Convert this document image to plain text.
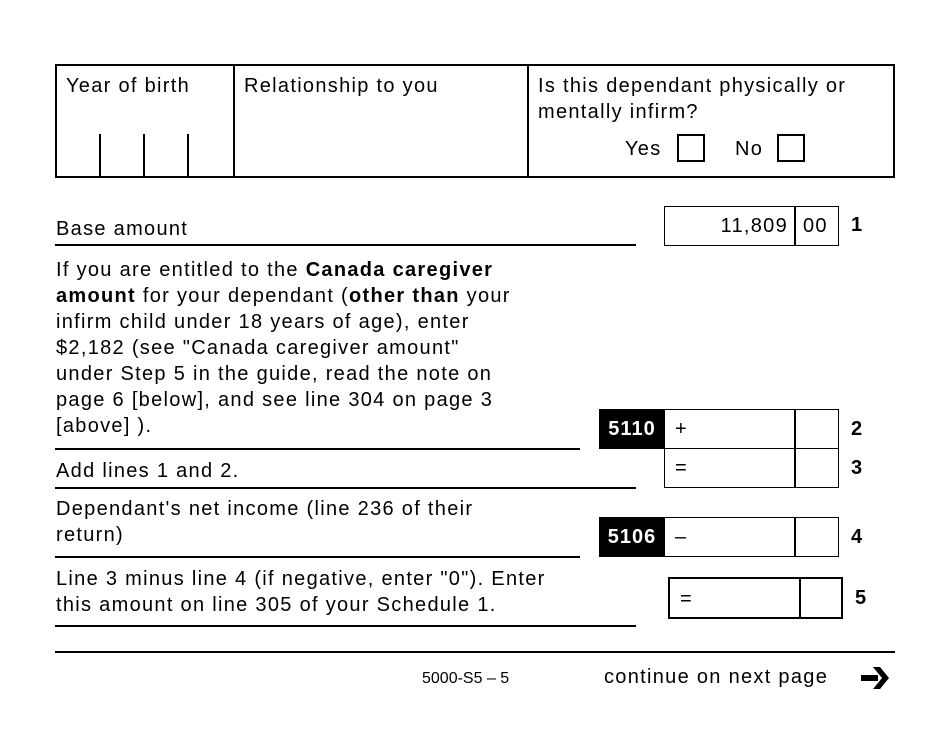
Year of birth	Relationship to you	Is this dependant physically or
mentally infirm?
Yes	No
Base amount	11,809 00 1
If you are entitled to the Canada caregiver
amount for your dependant (other than your
infirm child under 18 years of age), enter
$2,182 (see "Canada caregiver amount"
under Step 5 in the guide, read the note on
page 6 [below], and see line 304 on page 3
[above] ).	5110 +	2
Add lines 1 and 2.	=	3
Dependant's net income (line 236 of their
return)	5106 –	4
Line 3 minus line 4 (if negative, enter "0"). Enter
this amount on line 305 of your Schedule 1.	=	5
5000-S5 – 5	continue on next page
